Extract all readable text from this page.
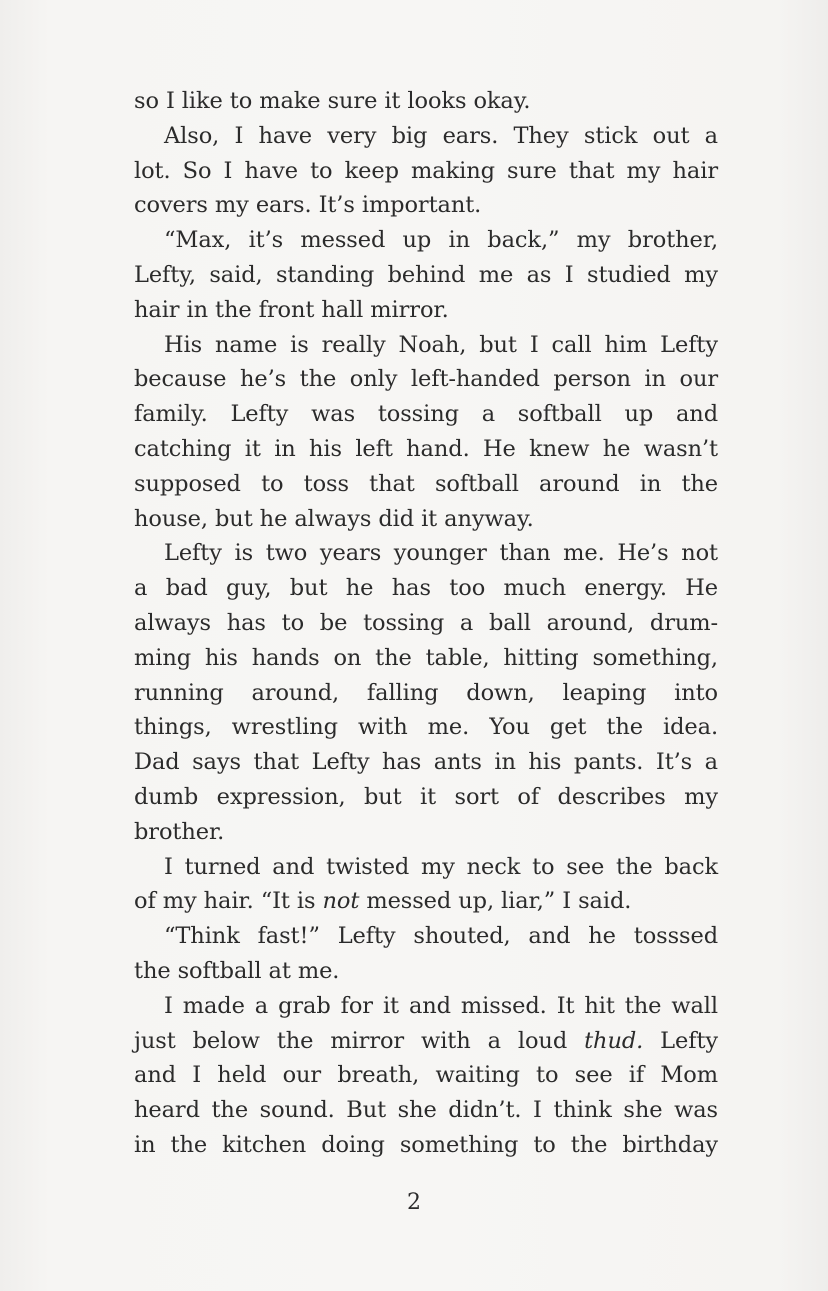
so I like to make sure it looks okay.
Also, I have very big ears. They stick out a
lot. So I have to keep making sure that my hair
covers my ears. It’s important.
“Max, it’s messed up in back,” my brother,
Lefty, said, standing behind me as I studied my
hair in the front hall mirror.
His name is really Noah, but I call him Lefty
because he’s the only left-handed person in our
family. Lefty was tossing a softball up and
catching it in his left hand. He knew he wasn’t
supposed to toss that softball around in the
house, but he always did it anyway.
Lefty is two years younger than me. He’s not
a bad guy, but he has too much energy. He
always has to be tossing a ball around, drum-
ming his hands on the table, hitting something,
running around, falling down, leaping into
things, wrestling with me. You get the idea.
Dad says that Lefty has ants in his pants. It’s a
dumb expression, but it sort of describes my
brother.
I turned and twisted my neck to see the back
of my hair. “It is not messed up, liar,” I said.
“Think fast!” Lefty shouted, and he tosssed
the softball at me.
I made a grab for it and missed. It hit the wall
just below the mirror with a loud thud. Lefty
and I held our breath, waiting to see if Mom
heard the sound. But she didn’t. I think she was
in the kitchen doing something to the birthday
2
